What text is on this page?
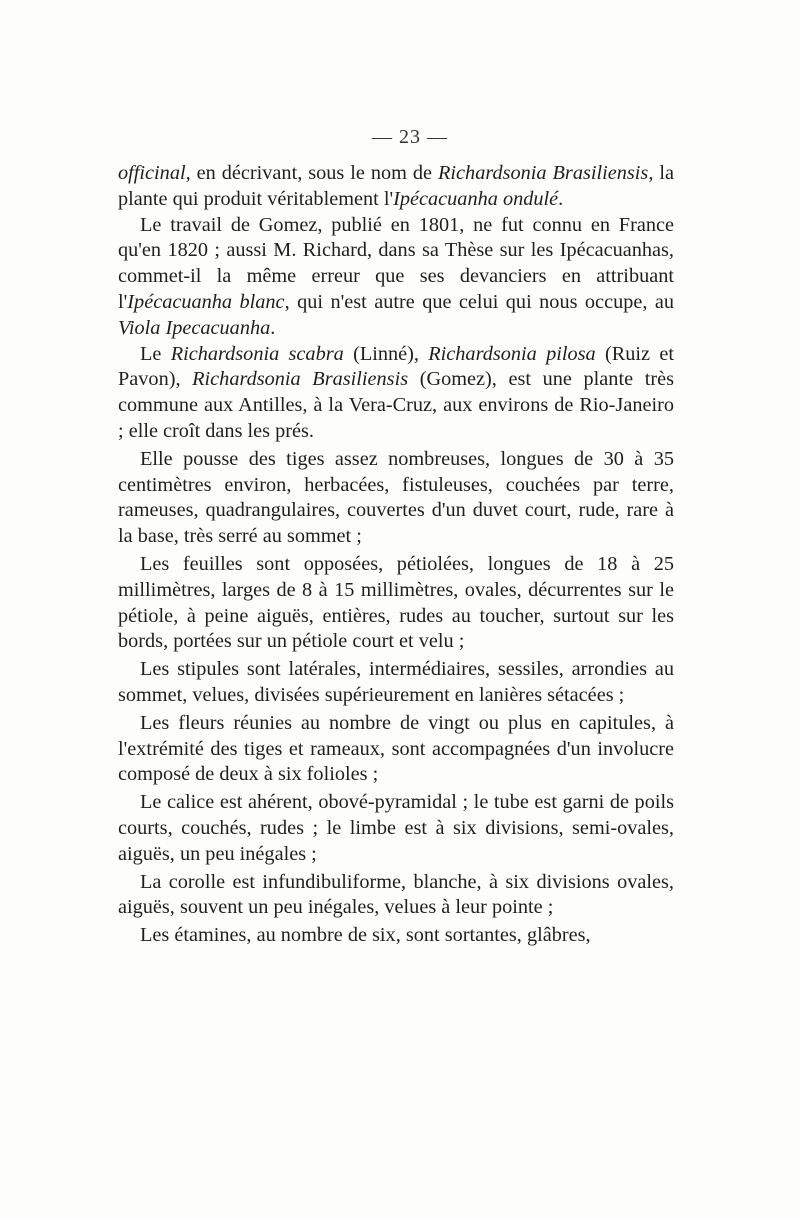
— 23 —

officinal, en décrivant, sous le nom de Richardsonia Brasiliensis, la plante qui produit véritablement l'Ipécacuanha ondulé.

Le travail de Gomez, publié en 1801, ne fut connu en France qu'en 1820 ; aussi M. Richard, dans sa Thèse sur les Ipécacuanhas, commet-il la même erreur que ses devanciers en attribuant l'Ipécacuanha blanc, qui n'est autre que celui qui nous occupe, au Viola Ipecacuanha.

Le Richardsonia scabra (Linné), Richardsonia pilosa (Ruiz et Pavon), Richardsonia Brasiliensis (Gomez), est une plante très commune aux Antilles, à la Vera-Cruz, aux environs de Rio-Janeiro ; elle croît dans les prés.

Elle pousse des tiges assez nombreuses, longues de 30 à 35 centimètres environ, herbacées, fistuleuses, couchées par terre, rameuses, quadrangulaires, couvertes d'un duvet court, rude, rare à la base, très serré au sommet ;

Les feuilles sont opposées, pétiolées, longues de 18 à 25 millimètres, larges de 8 à 15 millimètres, ovales, décurrentes sur le pétiole, à peine aiguës, entières, rudes au toucher, surtout sur les bords, portées sur un pétiole court et velu ;

Les stipules sont latérales, intermédiaires, sessiles, arrondies au sommet, velues, divisées supérieurement en lanières sétacées ;

Les fleurs réunies au nombre de vingt ou plus en capitules, à l'extrémité des tiges et rameaux, sont accompagnées d'un involucre composé de deux à six folioles ;

Le calice est ahérent, obové-pyramidal ; le tube est garni de poils courts, couchés, rudes ; le limbe est à six divisions, semi-ovales, aiguës, un peu inégales ;

La corolle est infundibuliforme, blanche, à six divisions ovales, aiguës, souvent un peu inégales, velues à leur pointe ;

Les étamines, au nombre de six, sont sortantes, glâbres,
